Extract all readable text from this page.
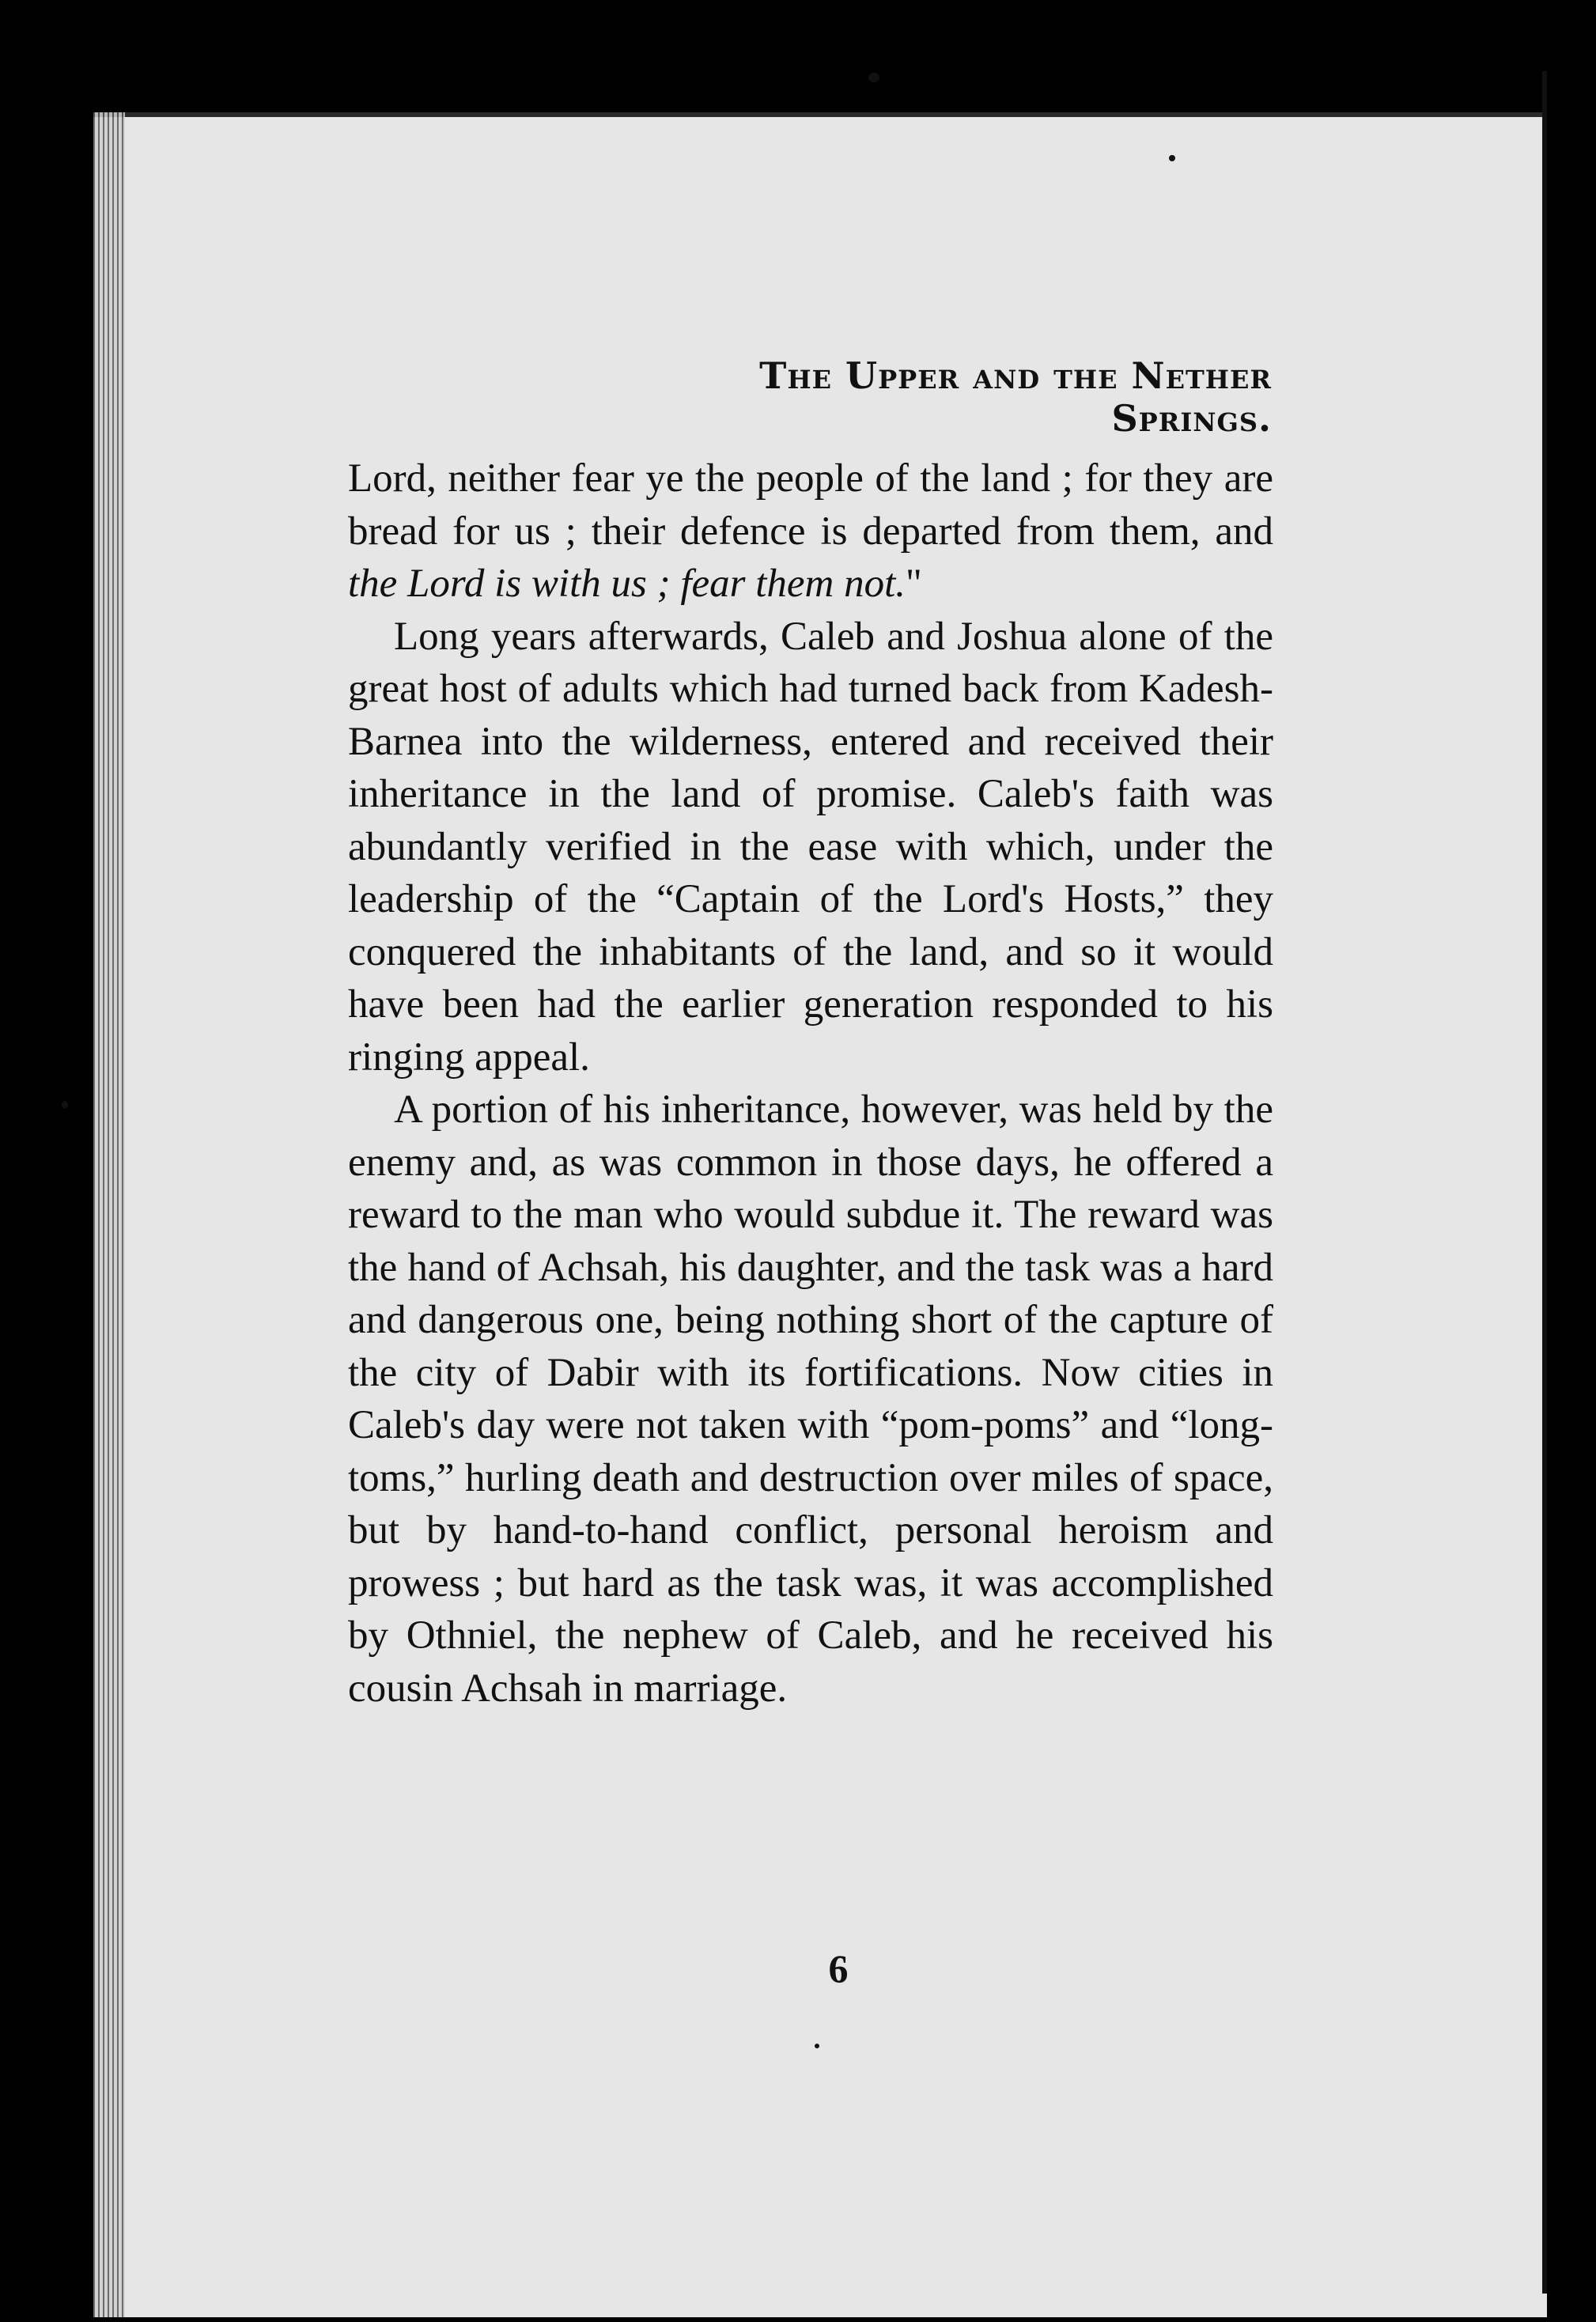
The Upper and the Nether Springs.

Lord, neither fear ye the people of the land ; for they are bread for us ; their defence is departed from them, and the Lord is with us ; fear them not."

Long years afterwards, Caleb and Joshua alone of the great host of adults which had turned back from Kadesh-Barnea into the wilderness, entered and received their inheritance in the land of promise. Caleb's faith was abundantly verified in the ease with which, under the leadership of the “Captain of the Lord's Hosts,” they conquered the inhabitants of the land, and so it would have been had the earlier generation responded to his ringing appeal.

A portion of his inheritance, however, was held by the enemy and, as was common in those days, he offered a reward to the man who would subdue it. The reward was the hand of Achsah, his daughter, and the task was a hard and dangerous one, being nothing short of the capture of the city of Dabir with its fortifications. Now cities in Caleb's day were not taken with “pom-poms” and “long-toms,” hurling death and destruction over miles of space, but by hand-to-hand conflict, personal heroism and prowess ; but hard as the task was, it was accomplished by Othniel, the nephew of Caleb, and he received his cousin Achsah in marriage.

6
